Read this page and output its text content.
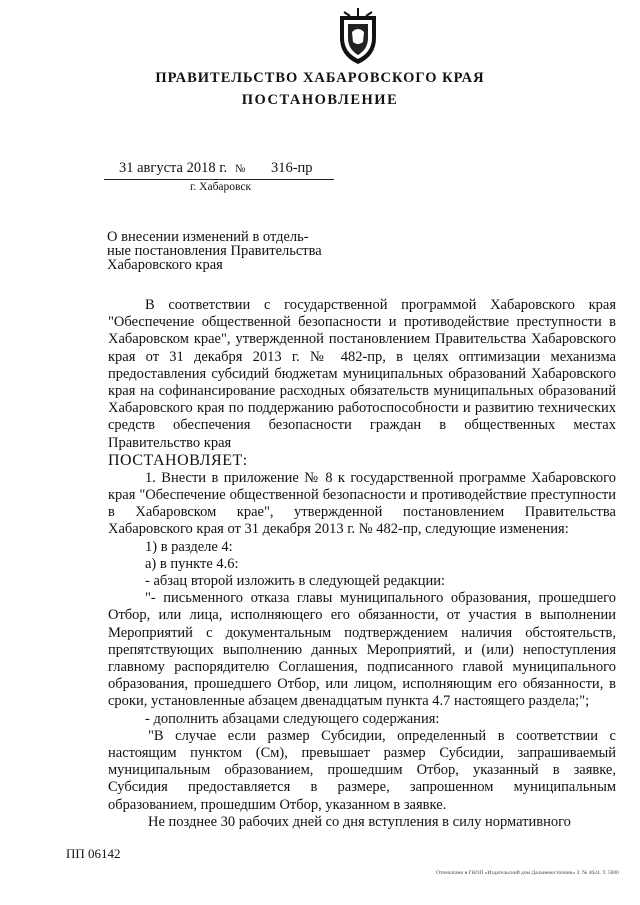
ПРАВИТЕЛЬСТВО ХАБАРОВСКОГО КРАЯ
ПОСТАНОВЛЕНИЕ
31 августа 2018 г. № 316-пр
г. Хабаровск
О внесении изменений в отдель-
ные постановления Правительства
Хабаровского края

В соответствии с государственной программой Хабаровского края "Обеспечение общественной безопасности и противодействие преступности в Хабаровском крае", утвержденной постановлением Правительства Хабаровского края от 31 декабря 2013 г. № 482-пр, в целях оптимизации механизма предоставления субсидий бюджетам муниципальных образований Хабаровского края на софинансирование расходных обязательств муниципальных образований Хабаровского края по поддержанию работоспособности и развитию технических средств обеспечения безопасности граждан в общественных местах Правительство края

ПОСТАНОВЛЯЕТ:

1. Внести в приложение № 8 к государственной программе Хабаровского края "Обеспечение общественной безопасности и противодействие преступности в Хабаровском крае", утвержденной постановлением Правительства Хабаровского края от 31 декабря 2013 г. № 482-пр, следующие изменения:

1) в разделе 4:

а) в пункте 4.6:

- абзац второй изложить в следующей редакции:

"- письменного отказа главы муниципального образования, прошедшего Отбор, или лица, исполняющего его обязанности, от участия в выполнении Мероприятий с документальным подтверждением наличия обстоятельств, препятствующих выполнению данных Мероприятий, и (или) непоступления главному распорядителю Соглашения, подписанного главой муниципального образования, прошедшего Отбор, или лицом, исполняющим его обязанности, в сроки, установленные абзацем двенадцатым пункта 4.7 настоящего раздела;";

- дополнить абзацами следующего содержания:

"В случае если размер Субсидии, определенный в соответствии с настоящим пунктом (Cм), превышает размер Субсидии, запрашиваемый муниципальным образованием, прошедшим Отбор, указанный в заявке, Субсидия предоставляется в размере, запрошенном муниципальным образованием, прошедшим Отбор, указанном в заявке.

Не позднее 30 рабочих дней со дня вступления в силу нормативного

ПП 06142
Отпечатано в ГКОП «Издательский дом Дальневосточник» З. № 4624. Т. 5000
